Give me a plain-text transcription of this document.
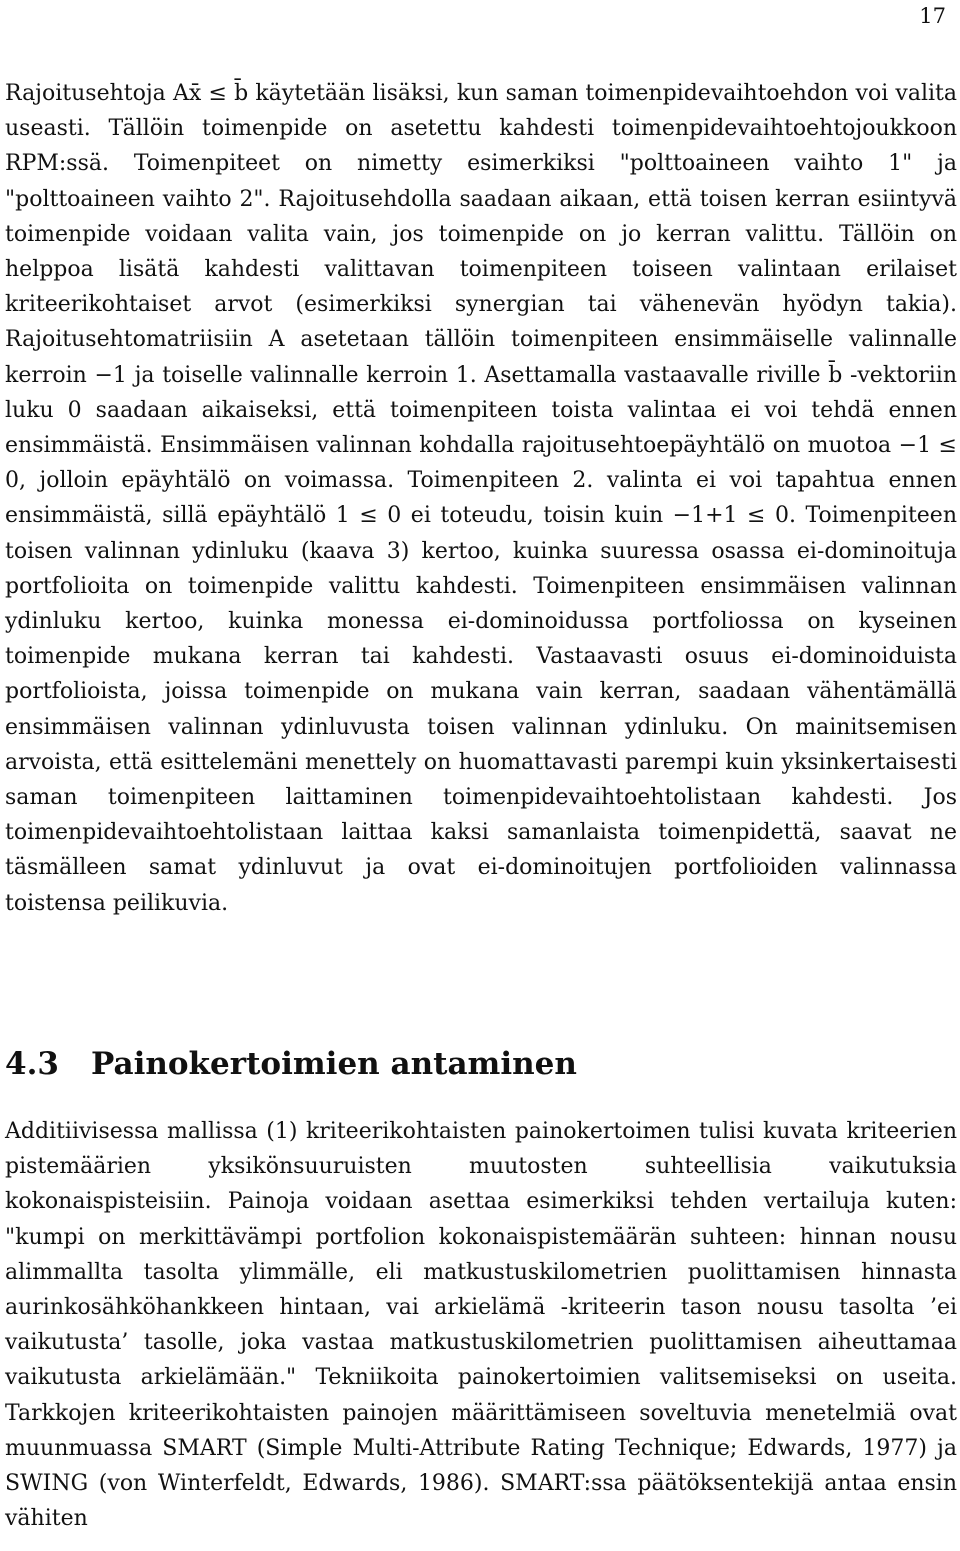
17

Rajoitusehtoja Ax̄ ≤ b̄ käytetään lisäksi, kun saman toimenpidevaihtoehdon voi valita useasti. Tällöin toimenpide on asetettu kahdesti toimenpidevaihtoehtojoukkoon RPM:ssä. Toimenpiteet on nimetty esimerkiksi "polttoaineen vaihto 1" ja "polttoaineen vaihto 2". Rajoitusehdolla saadaan aikaan, että toisen kerran esiintyvä toimenpide voidaan valita vain, jos toimenpide on jo kerran valittu. Tällöin on helppoa lisätä kahdesti valittavan toimenpiteen toiseen valintaan erilaiset kriteerikohtaiset arvot (esimerkiksi synergian tai vähenevän hyödyn takia). Rajoitusehtomatriisiin A asetetaan tällöin toimenpiteen ensimmäiselle valinnalle kerroin −1 ja toiselle valinnalle kerroin 1. Asettamalla vastaavalle riville b̄ -vektoriin luku 0 saadaan aikaiseksi, että toimenpiteen toista valintaa ei voi tehdä ennen ensimmäistä. Ensimmäisen valinnan kohdalla rajoitusehtoepäyhtälö on muotoa −1 ≤ 0, jolloin epäyhtälö on voimassa. Toimenpiteen 2. valinta ei voi tapahtua ennen ensimmäistä, sillä epäyhtälö 1 ≤ 0 ei toteudu, toisin kuin −1+1 ≤ 0. Toimenpiteen toisen valinnan ydinluku (kaava 3) kertoo, kuinka suuressa osassa ei-dominoituja portfolioita on toimenpide valittu kahdesti. Toimenpiteen ensimmäisen valinnan ydinluku kertoo, kuinka monessa ei-dominoidussa portfoliossa on kyseinen toimenpide mukana kerran tai kahdesti. Vastaavasti osuus ei-dominoiduista portfolioista, joissa toimenpide on mukana vain kerran, saadaan vähentämällä ensimmäisen valinnan ydinluvusta toisen valinnan ydinluku. On mainitsemisen arvoista, että esittelemäni menettely on huomattavasti parempi kuin yksinkertaisesti saman toimenpiteen laittaminen toimenpidevaihtoehtolistaan kahdesti. Jos toimenpidevaihtoehtolistaan laittaa kaksi samanlaista toimenpidettä, saavat ne täsmälleen samat ydinluvut ja ovat ei-dominoitujen portfolioiden valinnassa toistensa peilikuvia.

4.3 Painokertoimien antaminen

Additiivisessa mallissa (1) kriteerikohtaisten painokertoimen tulisi kuvata kriteerien pistemäärien yksikönsuuruisten muutosten suhteellisia vaikutuksia kokonaispisteisiin. Painoja voidaan asettaa esimerkiksi tehden vertailuja kuten: "kumpi on merkittävämpi portfolion kokonaispistemäärän suhteen: hinnan nousu alimmallta tasolta ylimmälle, eli matkustuskilometrien puolittamisen hinnasta aurinkosähköhankkeen hintaan, vai arkielämä -kriteerin tason nousu tasolta ’ei vaikutusta’ tasolle, joka vastaa matkustuskilometrien puolittamisen aiheuttamaa vaikutusta arkielämään." Tekniikoita painokertoimien valitsemiseksi on useita. Tarkkojen kriteerikohtaisten painojen määrittämiseen soveltuvia menetelmiä ovat muunmuassa SMART (Simple Multi-Attribute Rating Technique; Edwards, 1977) ja SWING (von Winterfeldt, Edwards, 1986). SMART:ssa päätöksentekijä antaa ensin vähiten
